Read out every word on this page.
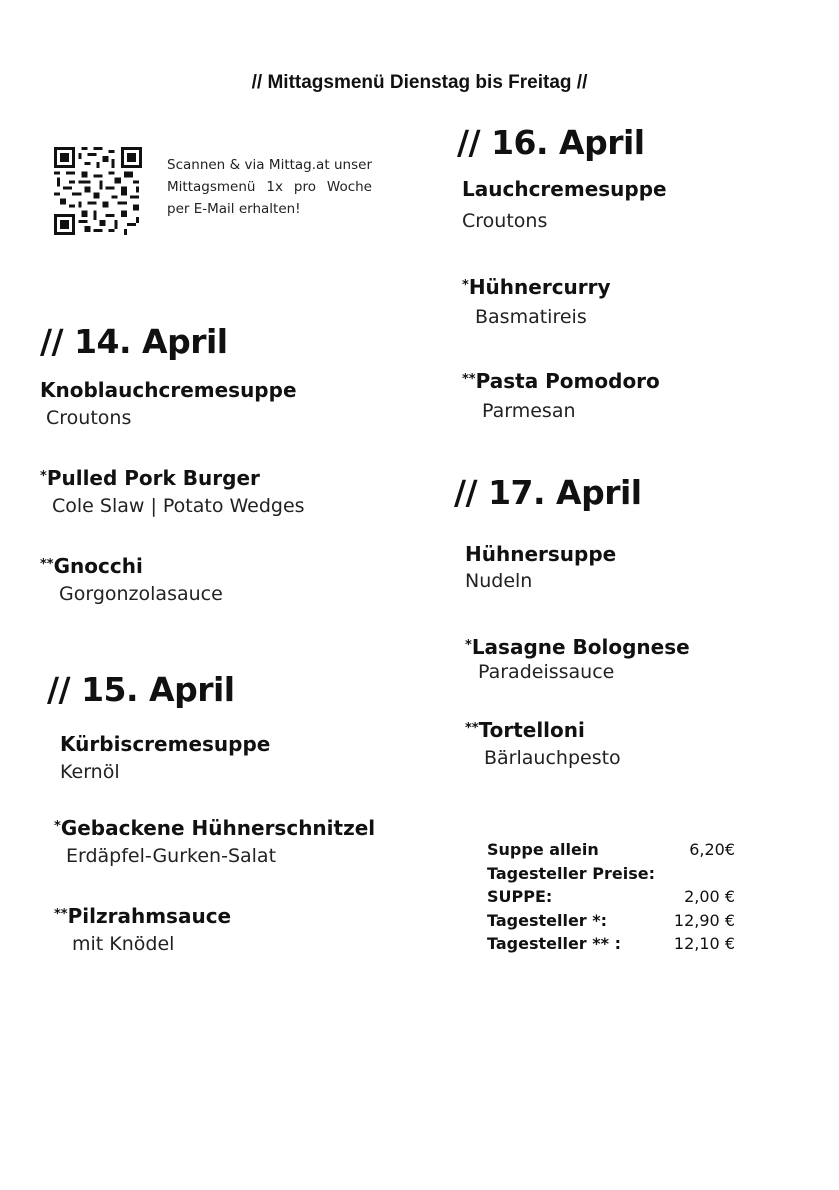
// Mittagsmenü Dienstag bis Freitag //
Scannen & via Mittag.at unser Mittagsmenü 1x pro Woche per E-Mail erhalten!
// 14. April
Knoblauchcremesuppe
Croutons
*Pulled Pork Burger
Cole Slaw | Potato Wedges
**Gnocchi
Gorgonzolasauce
// 15. April
Kürbiscremesuppe
Kernöl
*Gebackene Hühnerschnitzel
Erdäpfel-Gurken-Salat
**Pilzrahmsauce
mit Knödel
// 16. April
Lauchcremesuppe
Croutons
*Hühnercurry
Basmatireis
**Pasta Pomodoro
Parmesan
// 17. April
Hühnersuppe
Nudeln
*Lasagne Bolognese
Paradeissauce
**Tortelloni
Bärlauchpesto
Suppe allein	6,20€
Tagesteller Preise:
SUPPE:	2,00 €
Tagesteller *:	12,90 €
Tagesteller ** :	12,10 €
